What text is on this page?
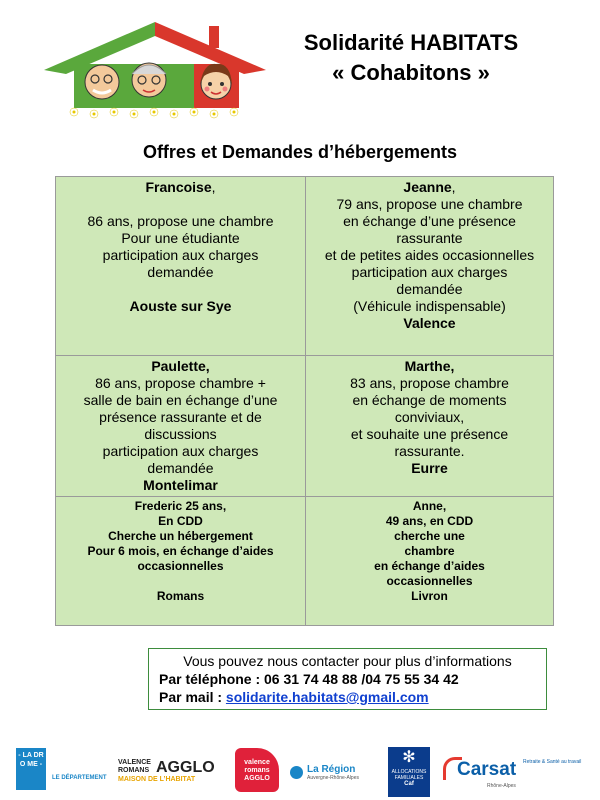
Solidarité HABITATS
« Cohabitons »
Offres et Demandes d’hébergements
Francoise,
86 ans, propose une chambre
Pour une étudiante
participation aux charges
demandée
Aouste sur Sye
Jeanne,
79 ans, propose une chambre
en échange d’une présence
rassurante
et de petites aides occasionnelles
participation aux charges
demandée
(Véhicule indispensable)
Valence
Paulette,
86 ans, propose chambre +
salle de bain en échange d’une
présence rassurante et de
discussions
participation aux charges
demandée
Montelimar
Marthe,
83 ans, propose chambre
en échange de moments
conviviaux,
et souhaite une présence
rassurante.
Eurre
Frederic 25 ans,
En CDD
Cherche un hébergement
Pour 6 mois, en échange d’aides
occasionnelles
Romans
Anne,
49 ans, en CDD
cherche une
chambre
en échange d’aides
occasionnelles
Livron
Vous pouvez nous contacter pour plus d’informations
Par téléphone : 06 31 74 48 88 /04 75 55 34 42
Par mail : solidarite.habitats@gmail.com
- LA DRO ME -
LE DÉPARTEMENT
VALENCE
ROMANS AGGLO
MAISON DE L’HABITAT
valence romans AGGLO
La Région
Auvergne-Rhône-Alpes
✻
ALLOCATIONS FAMILIALES
Caf
Carsat Retraite & Santé au travail
Rhône-Alpes
